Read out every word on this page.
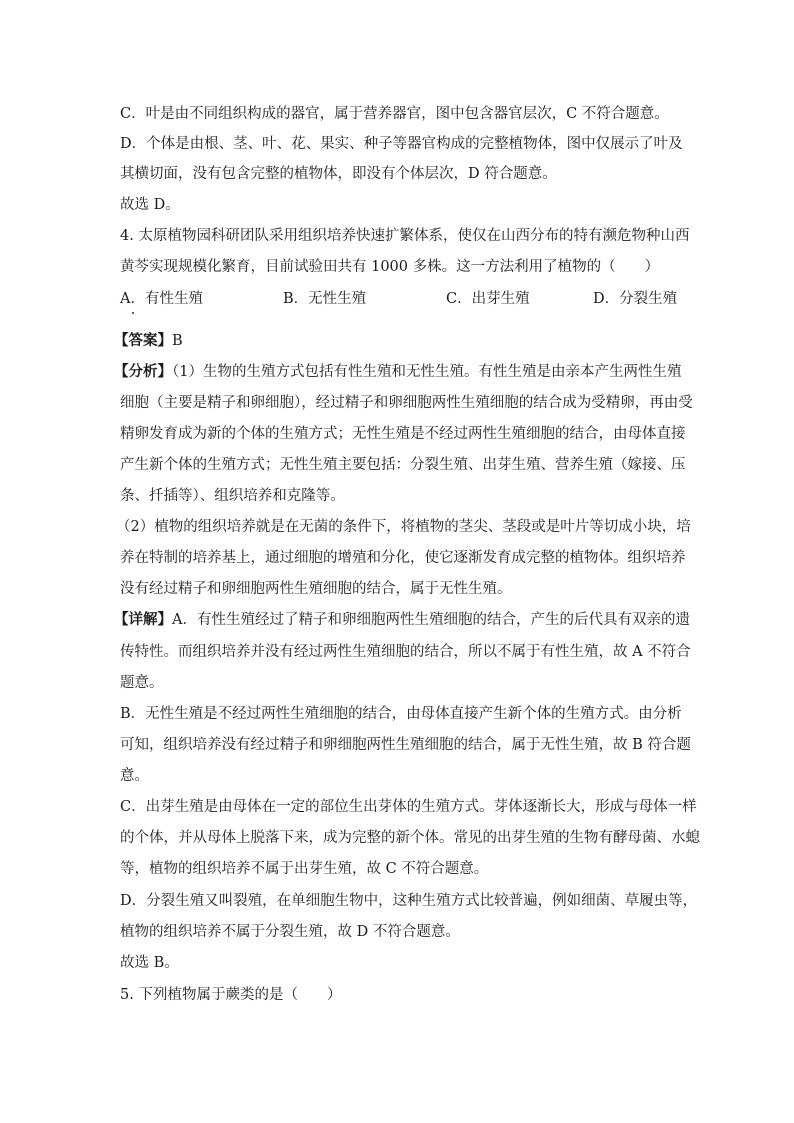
C．叶是由不同组织构成的器官，属于营养器官，图中包含器官层次，C 不符合题意。
D．个体是由根、茎、叶、花、果实、种子等器官构成的完整植物体，图中仅展示了叶及
其横切面，没有包含完整的植物体，即没有个体层次，D 符合题意。
故选 D。
4. 太原植物园科研团队采用组织培养快速扩繁体系，使仅在山西分布的特有濒危物种山西
黄芩实现规模化繁育，目前试验田共有 1000 多株。这一方法利用了植物的（　　）
A．有性生殖	B．无性生殖	C．出芽生殖	D．分裂生殖
【答案】B
【分析】（1）生物的生殖方式包括有性生殖和无性生殖。有性生殖是由亲本产生两性生殖
细胞（主要是精子和卵细胞），经过精子和卵细胞两性生殖细胞的结合成为受精卵，再由受
精卵发育成为新的个体的生殖方式；无性生殖是不经过两性生殖细胞的结合，由母体直接
产生新个体的生殖方式；无性生殖主要包括：分裂生殖、出芽生殖、营养生殖（嫁接、压
条、扦插等）、组织培养和克隆等。
（2）植物的组织培养就是在无菌的条件下，将植物的茎尖、茎段或是叶片等切成小块，培
养在特制的培养基上，通过细胞的增殖和分化，使它逐渐发育成完整的植物体。组织培养
没有经过精子和卵细胞两性生殖细胞的结合，属于无性生殖。
【详解】A．有性生殖经过了精子和卵细胞两性生殖细胞的结合，产生的后代具有双亲的遗
传特性。而组织培养并没有经过两性生殖细胞的结合，所以不属于有性生殖，故 A 不符合
题意。
B．无性生殖是不经过两性生殖细胞的结合，由母体直接产生新个体的生殖方式。由分析
可知，组织培养没有经过精子和卵细胞两性生殖细胞的结合，属于无性生殖，故 B 符合题
意。
C．出芽生殖是由母体在一定的部位生出芽体的生殖方式。芽体逐渐长大，形成与母体一样
的个体，并从母体上脱落下来，成为完整的新个体。常见的出芽生殖的生物有酵母菌、水螅
等，植物的组织培养不属于出芽生殖，故 C 不符合题意。
D．分裂生殖又叫裂殖，在单细胞生物中，这种生殖方式比较普遍，例如细菌、草履虫等，
植物的组织培养不属于分裂生殖，故 D 不符合题意。
故选 B。
5. 下列植物属于蕨类的是（　　）
